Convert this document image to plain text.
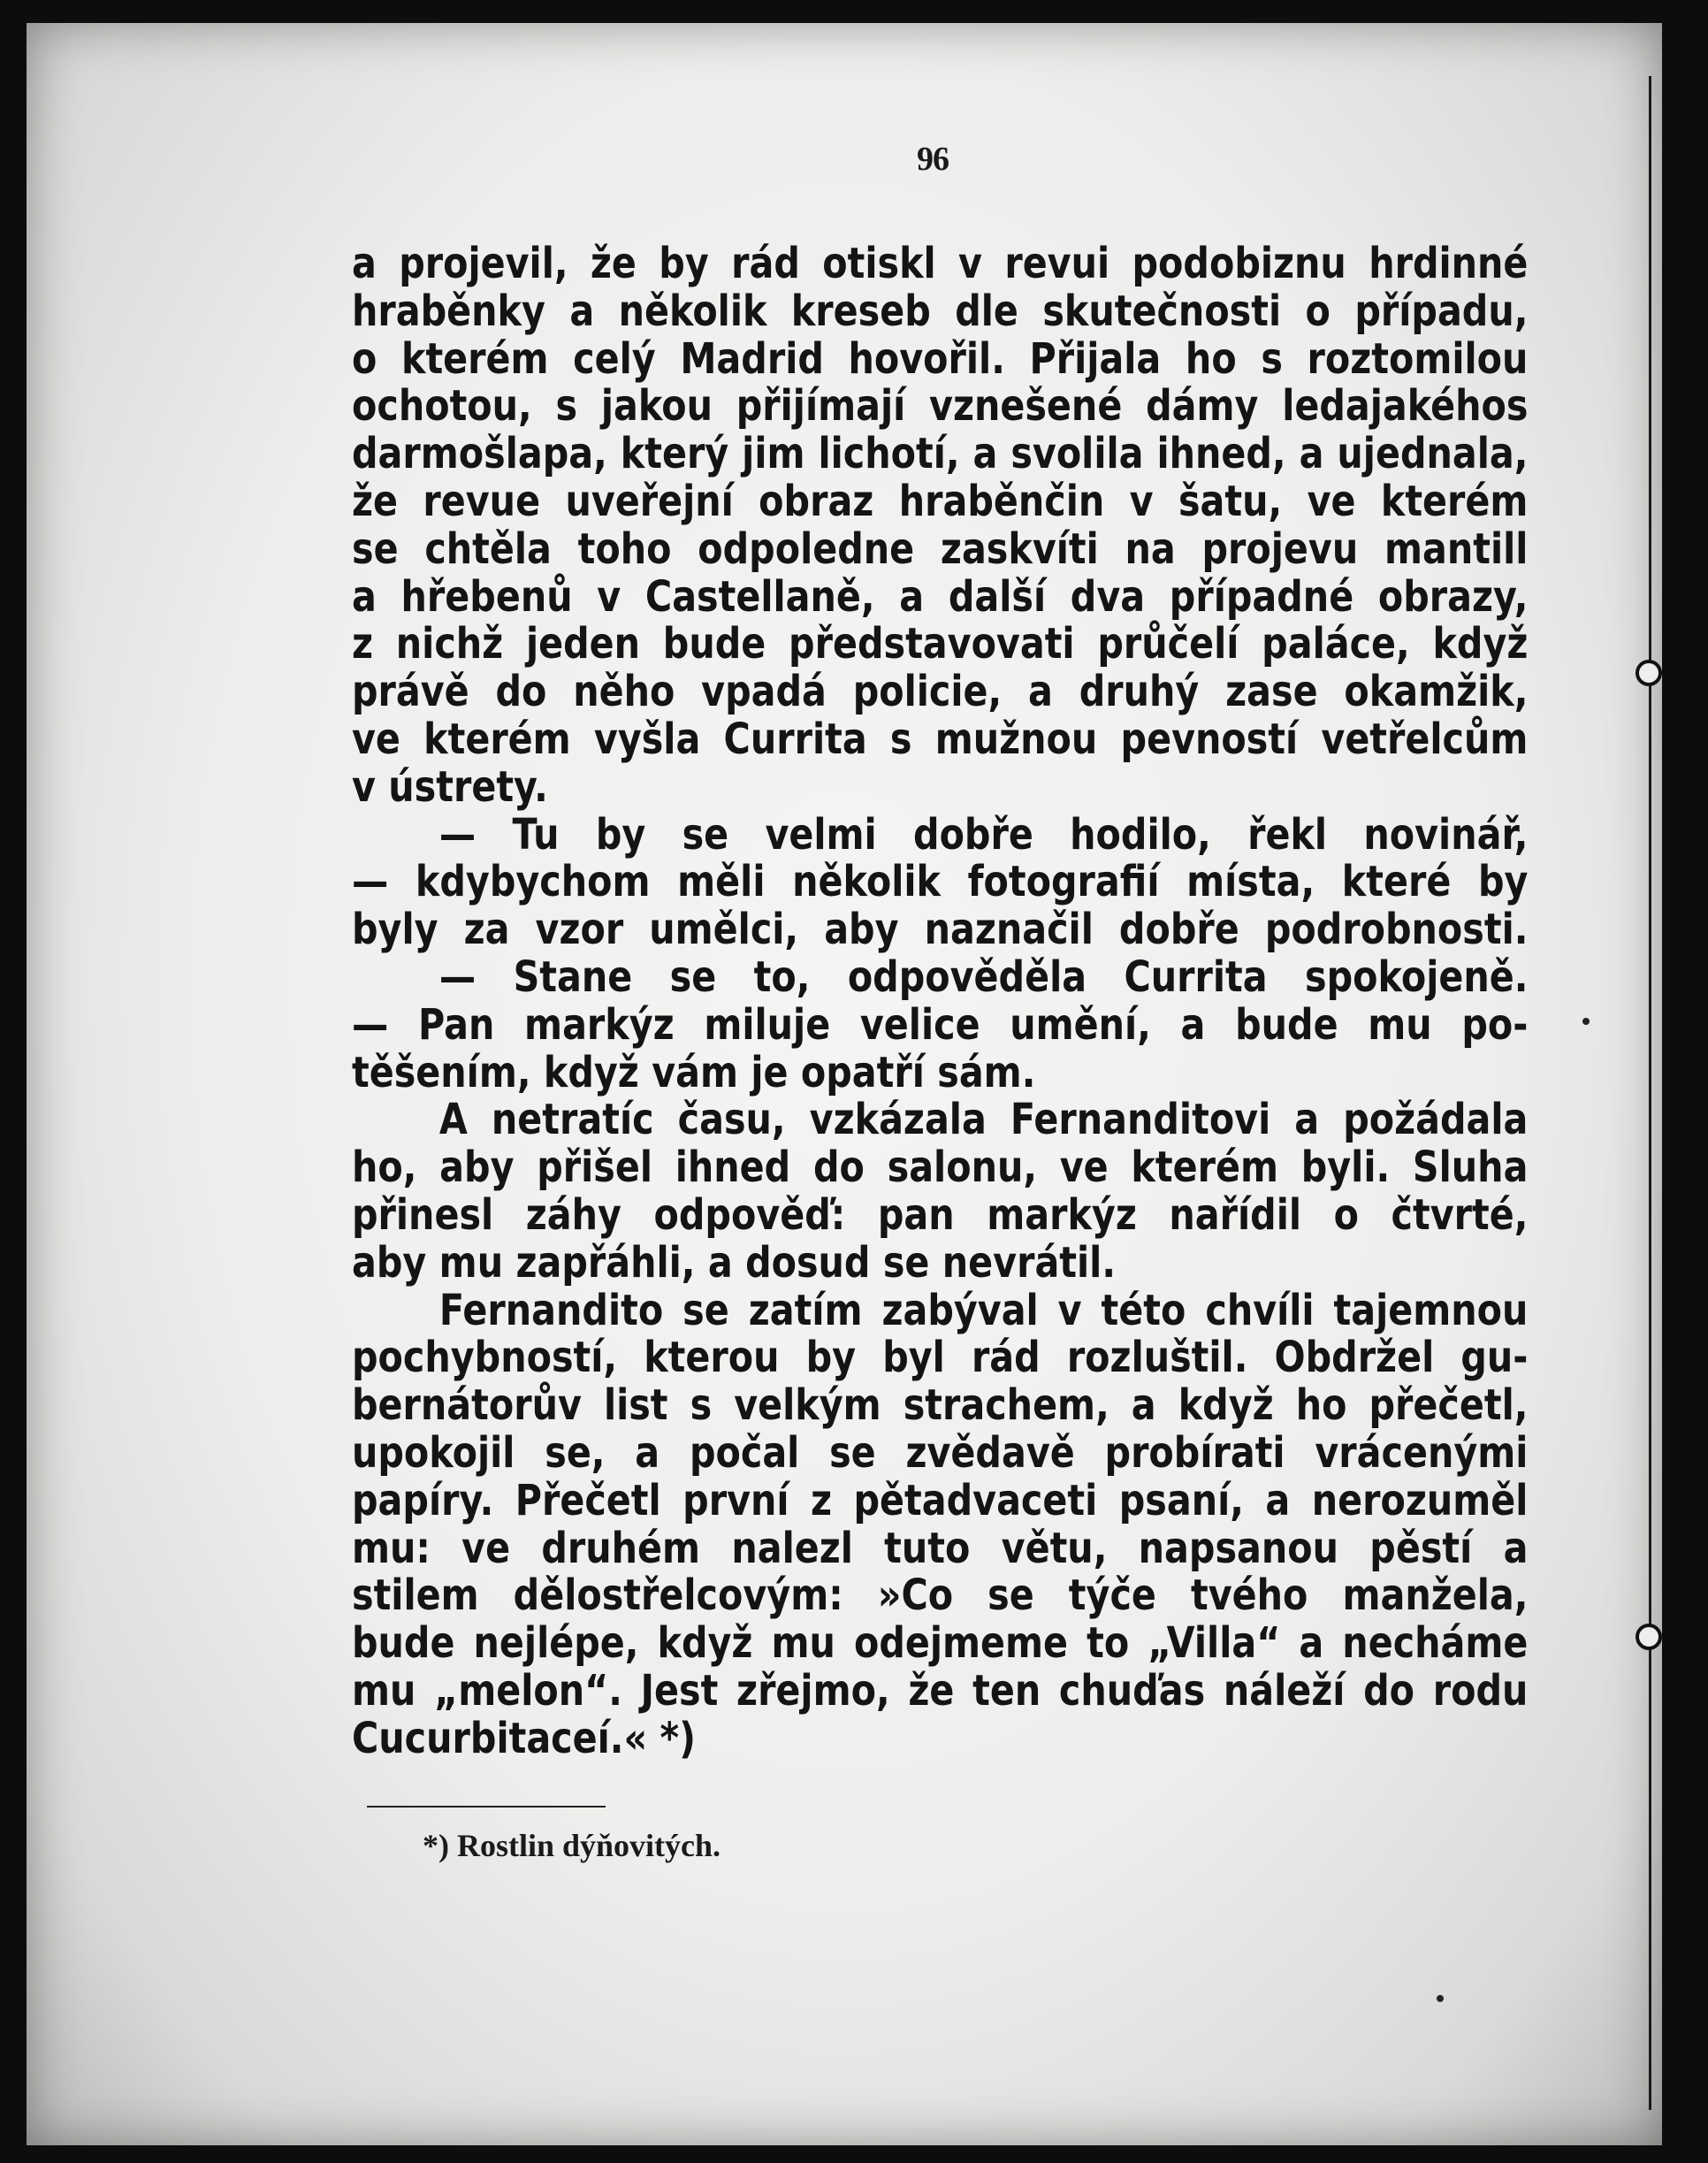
96
a projevil, že by rád otiskl v revui podobiznu hrdinné
hraběnky a několik kreseb dle skutečnosti o případu,
o kterém celý Madrid hovořil. Přijala ho s roztomilou
ochotou, s jakou přijímají vznešené dámy ledajakéhos
darmošlapa, který jim lichotí, a svolila ihned, a ujednala,
že revue uveřejní obraz hraběnčin v šatu, ve kterém
se chtěla toho odpoledne zaskvíti na projevu mantill
a hřebenů v Castellaně, a další dva případné obrazy,
z nichž jeden bude představovati průčelí paláce, když
právě do něho vpadá policie, a druhý zase okamžik,
ve kterém vyšla Currita s mužnou pevností vetřelcům
v ústrety.
— Tu by se velmi dobře hodilo, řekl novinář,
— kdybychom měli několik fotografií místa, které by
byly za vzor umělci, aby naznačil dobře podrobnosti.
— Stane se to, odpověděla Currita spokojeně.
— Pan markýz miluje velice umění, a bude mu po-
těšením, když vám je opatří sám.
A netratíc času, vzkázala Fernanditovi a požádala
ho, aby přišel ihned do salonu, ve kterém byli. Sluha
přinesl záhy odpověď: pan markýz nařídil o čtvrté,
aby mu zapřáhli, a dosud se nevrátil.
Fernandito se zatím zabýval v této chvíli tajemnou
pochybností, kterou by byl rád rozluštil. Obdržel gu-
bernátorův list s velkým strachem, a když ho přečetl,
upokojil se, a počal se zvědavě probírati vrácenými
papíry. Přečetl první z pětadvaceti psaní, a nerozuměl
mu: ve druhém nalezl tuto větu, napsanou pěstí a
stilem dělostřelcovým: »Co se týče tvého manžela,
bude nejlépe, když mu odejmeme to „Villa“ a necháme
mu „melon“. Jest zřejmo, že ten chuďas náleží do rodu
Cucurbitaceí.« *)
*) Rostlin dýňovitých.
